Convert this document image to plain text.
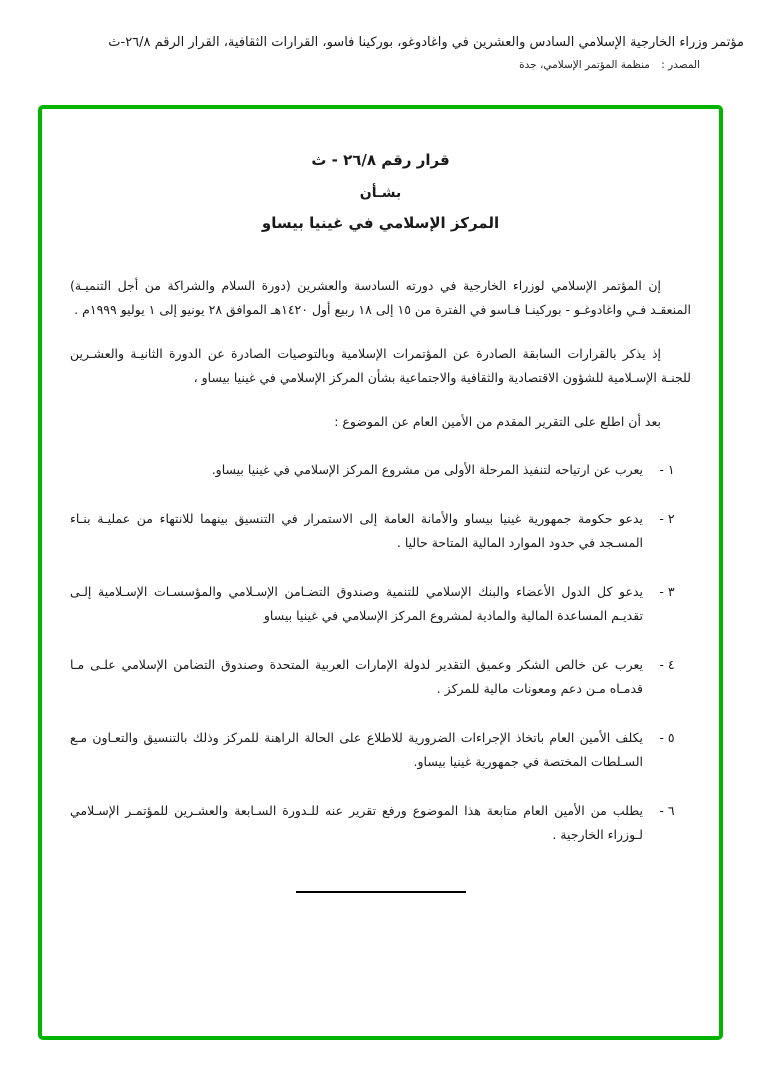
مؤتمر وزراء الخارجية الإسلامي السادس والعشرين في واغادوغو، بوركينا فاسو، القرارات الثقافية، القرار الرقم ٢٦/٨-ث
المصدر : منظمة المؤتمر الإسلامي، جدة
قرار رقم ٢٦/٨ - ث
بشـأن
المركز الإسلامي في غينيا بيساو

إن المؤتمر الإسلامي لوزراء الخارجية في دورته السادسة والعشرين (دورة السلام والشراكة من أجل التنميـة) المنعقـد فـي واغادوغـو - بوركينـا فـاسو في الفترة من ١٥ إلى ١٨ ربيع أول ١٤٢٠هـ الموافق ٢٨ يونيو إلى ١ يوليو ١٩٩٩م .

إذ يذكر بالقرارات السابقة الصادرة عن المؤتمرات الإسلامية وبالتوصيات الصادرة عن الدورة الثانيـة والعشـرين للجنـة الإسـلامية للشؤون الاقتصادية والثقافية والاجتماعية بشأن المركز الإسلامي في غينيا بيساو ،

بعد أن اطلع على التقرير المقدم من الأمين العام عن الموضوع :

١ -
يعرب عن ارتياحه لتنفيذ المرحلة الأولى من مشروع المركز الإسلامي في غينيا بيساو.
٢ -
يدعو حكومة جمهورية غينيا بيساو والأمانة العامة إلى الاستمرار في التنسيق بينهما للانتهاء من عمليـة بنـاء المسـجد في حدود الموارد المالية المتاحة حاليا .
٣ -
يدعو كل الدول الأعضاء والبنك الإسلامي للتنمية وصندوق التضـامن الإسـلامي والمؤسسـات الإسـلامية إلـى تقديـم المساعدة المالية والمادية لمشروع المركز الإسلامي في غينيا بيساو
٤ -
يعرب عن خالص الشكر وعميق التقدير لدولة الإمارات العربية المتحدة وصندوق التضامن الإسلامي علـى مـا قدمـاه مـن دعم ومعونات مالية للمركز .
٥ -
يكلف الأمين العام باتخاذ الإجراءات الضرورية للاطلاع على الحالة الراهنة للمركز وذلك بالتنسيق والتعـاون مـع السـلطات المختصة في جمهورية غينيا بيساو.
٦ -
يطلب من الأمين العام متابعة هذا الموضوع ورفع تقرير عنه للـدورة السـابعة والعشـرين للمؤتمـر الإسـلامي لـوزراء الخارجية .
